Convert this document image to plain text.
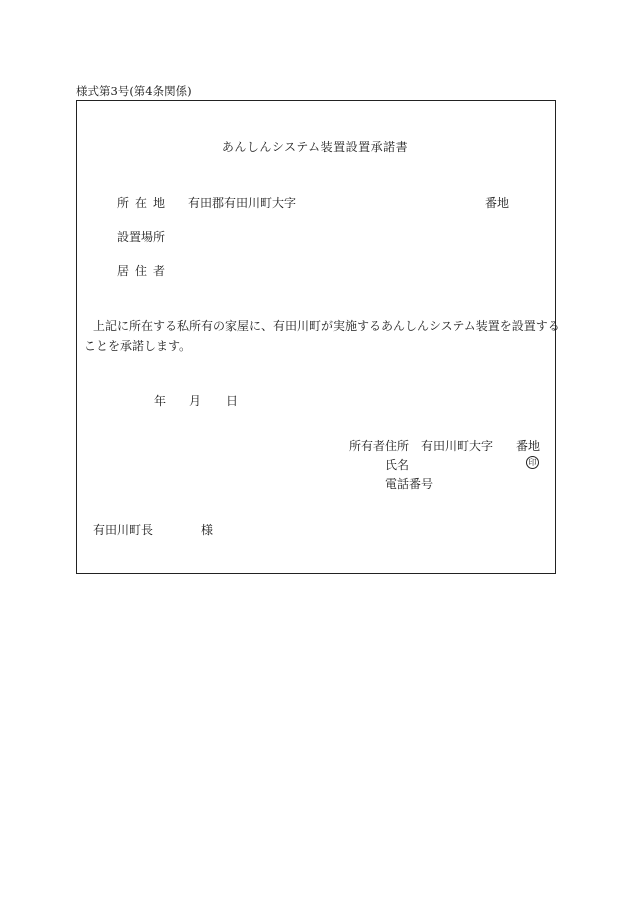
様式第3号(第4条関係)
あんしんシステム装置設置承諾書
所在地 有田郡有田川町大字	番地
設置場所
居住者
上記に所在する私所有の家屋に、有田川町が実施するあんしんシステム装置を設置する
ことを承諾します。
年 月 日
所有者住所 有田川町大字 番地
氏名	印
電話番号
有田川町長	様
